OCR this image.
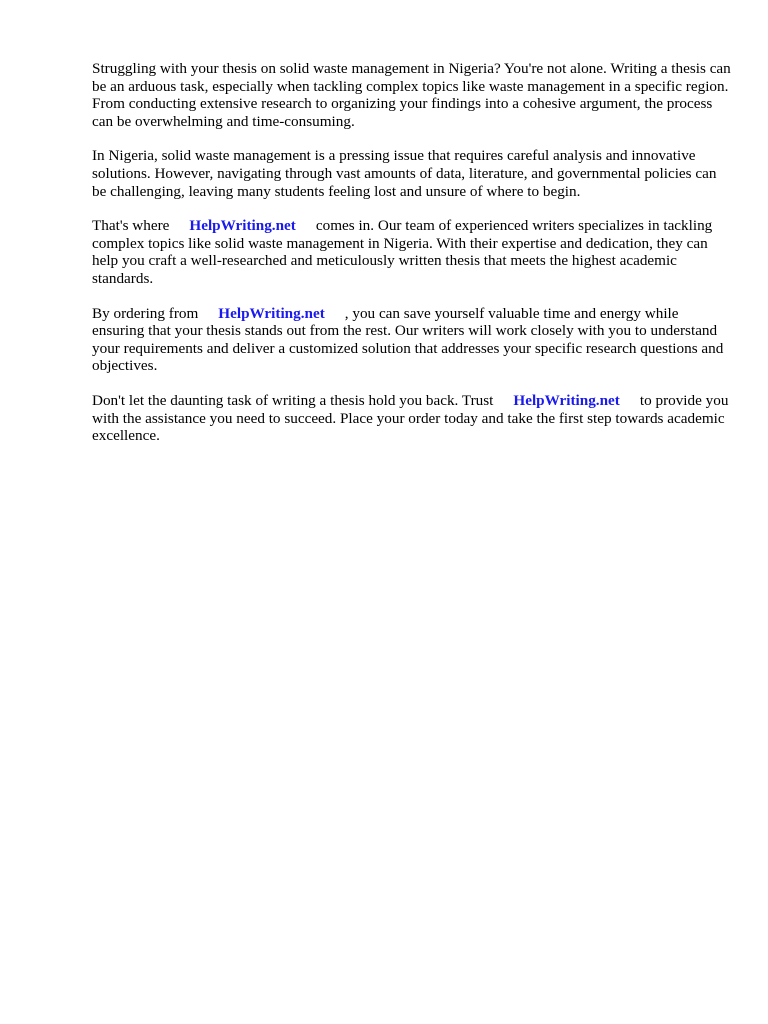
Struggling with your thesis on solid waste management in Nigeria? You're not alone. Writing a thesis can be an arduous task, especially when tackling complex topics like waste management in a specific region. From conducting extensive research to organizing your findings into a cohesive argument, the process can be overwhelming and time-consuming.

In Nigeria, solid waste management is a pressing issue that requires careful analysis and innovative solutions. However, navigating through vast amounts of data, literature, and governmental policies can be challenging, leaving many students feeling lost and unsure of where to begin.

That's where HelpWriting.net comes in. Our team of experienced writers specializes in tackling complex topics like solid waste management in Nigeria. With their expertise and dedication, they can help you craft a well-researched and meticulously written thesis that meets the highest academic standards.

By ordering from HelpWriting.net , you can save yourself valuable time and energy while ensuring that your thesis stands out from the rest. Our writers will work closely with you to understand your requirements and deliver a customized solution that addresses your specific research questions and objectives.

Don't let the daunting task of writing a thesis hold you back. Trust HelpWriting.net to provide you with the assistance you need to succeed. Place your order today and take the first step towards academic excellence.
